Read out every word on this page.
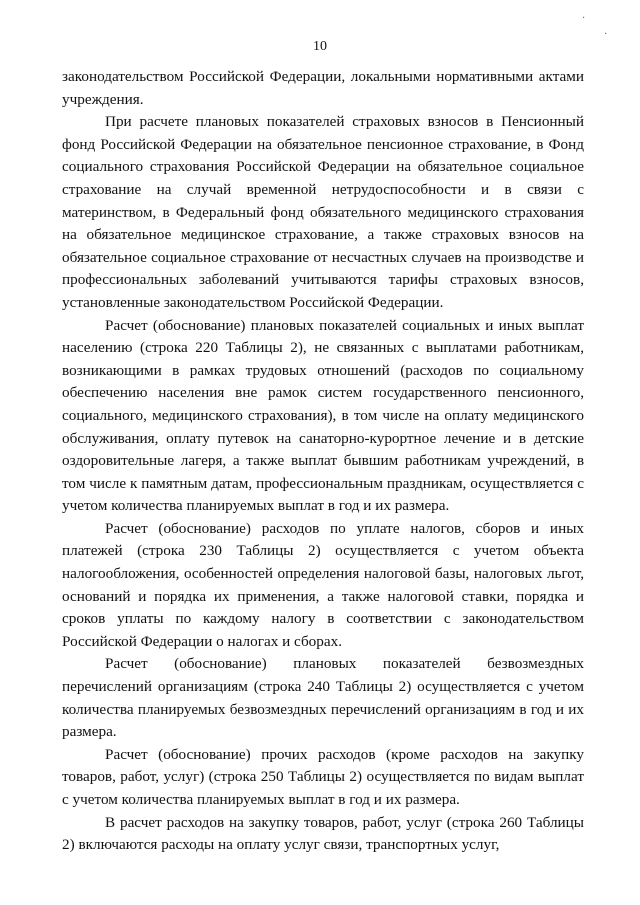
·
·
10

законодательством Российской Федерации, локальными нормативными актами учреждения.

При расчете плановых показателей страховых взносов в Пенсионный фонд Российской Федерации на обязательное пенсионное страхование, в Фонд социального страхования Российской Федерации на обязательное социальное страхование на случай временной нетрудоспособности и в связи с материнством, в Федеральный фонд обязательного медицинского страхования на обязательное медицинское страхование, а также страховых взносов на обязательное социальное страхование от несчастных случаев на производстве и профессиональных заболеваний учитываются тарифы страховых взносов, установленные законодательством Российской Федерации.

Расчет (обоснование) плановых показателей социальных и иных выплат населению (строка 220 Таблицы 2), не связанных с выплатами работникам, возникающими в рамках трудовых отношений (расходов по социальному обеспечению населения вне рамок систем государственного пенсионного, социального, медицинского страхования), в том числе на оплату медицинского обслуживания, оплату путевок на санаторно-курортное лечение и в детские оздоровительные лагеря, а также выплат бывшим работникам учреждений, в том числе к памятным датам, профессиональным праздникам, осуществляется с учетом количества планируемых выплат в год и их размера.

Расчет (обоснование) расходов по уплате налогов, сборов и иных платежей (строка 230 Таблицы 2) осуществляется с учетом объекта налогообложения, особенностей определения налоговой базы, налоговых льгот, оснований и порядка их применения, а также налоговой ставки, порядка и сроков уплаты по каждому налогу в соответствии с законодательством Российской Федерации о налогах и сборах.

Расчет (обоснование) плановых показателей безвозмездных перечислений организациям (строка 240 Таблицы 2) осуществляется с учетом количества планируемых безвозмездных перечислений организациям в год и их размера.

Расчет (обоснование) прочих расходов (кроме расходов на закупку товаров, работ, услуг) (строка 250 Таблицы 2) осуществляется по видам выплат с учетом количества планируемых выплат в год и их размера.

В расчет расходов на закупку товаров, работ, услуг (строка 260 Таблицы 2) включаются расходы на оплату услуг связи, транспортных услуг,
